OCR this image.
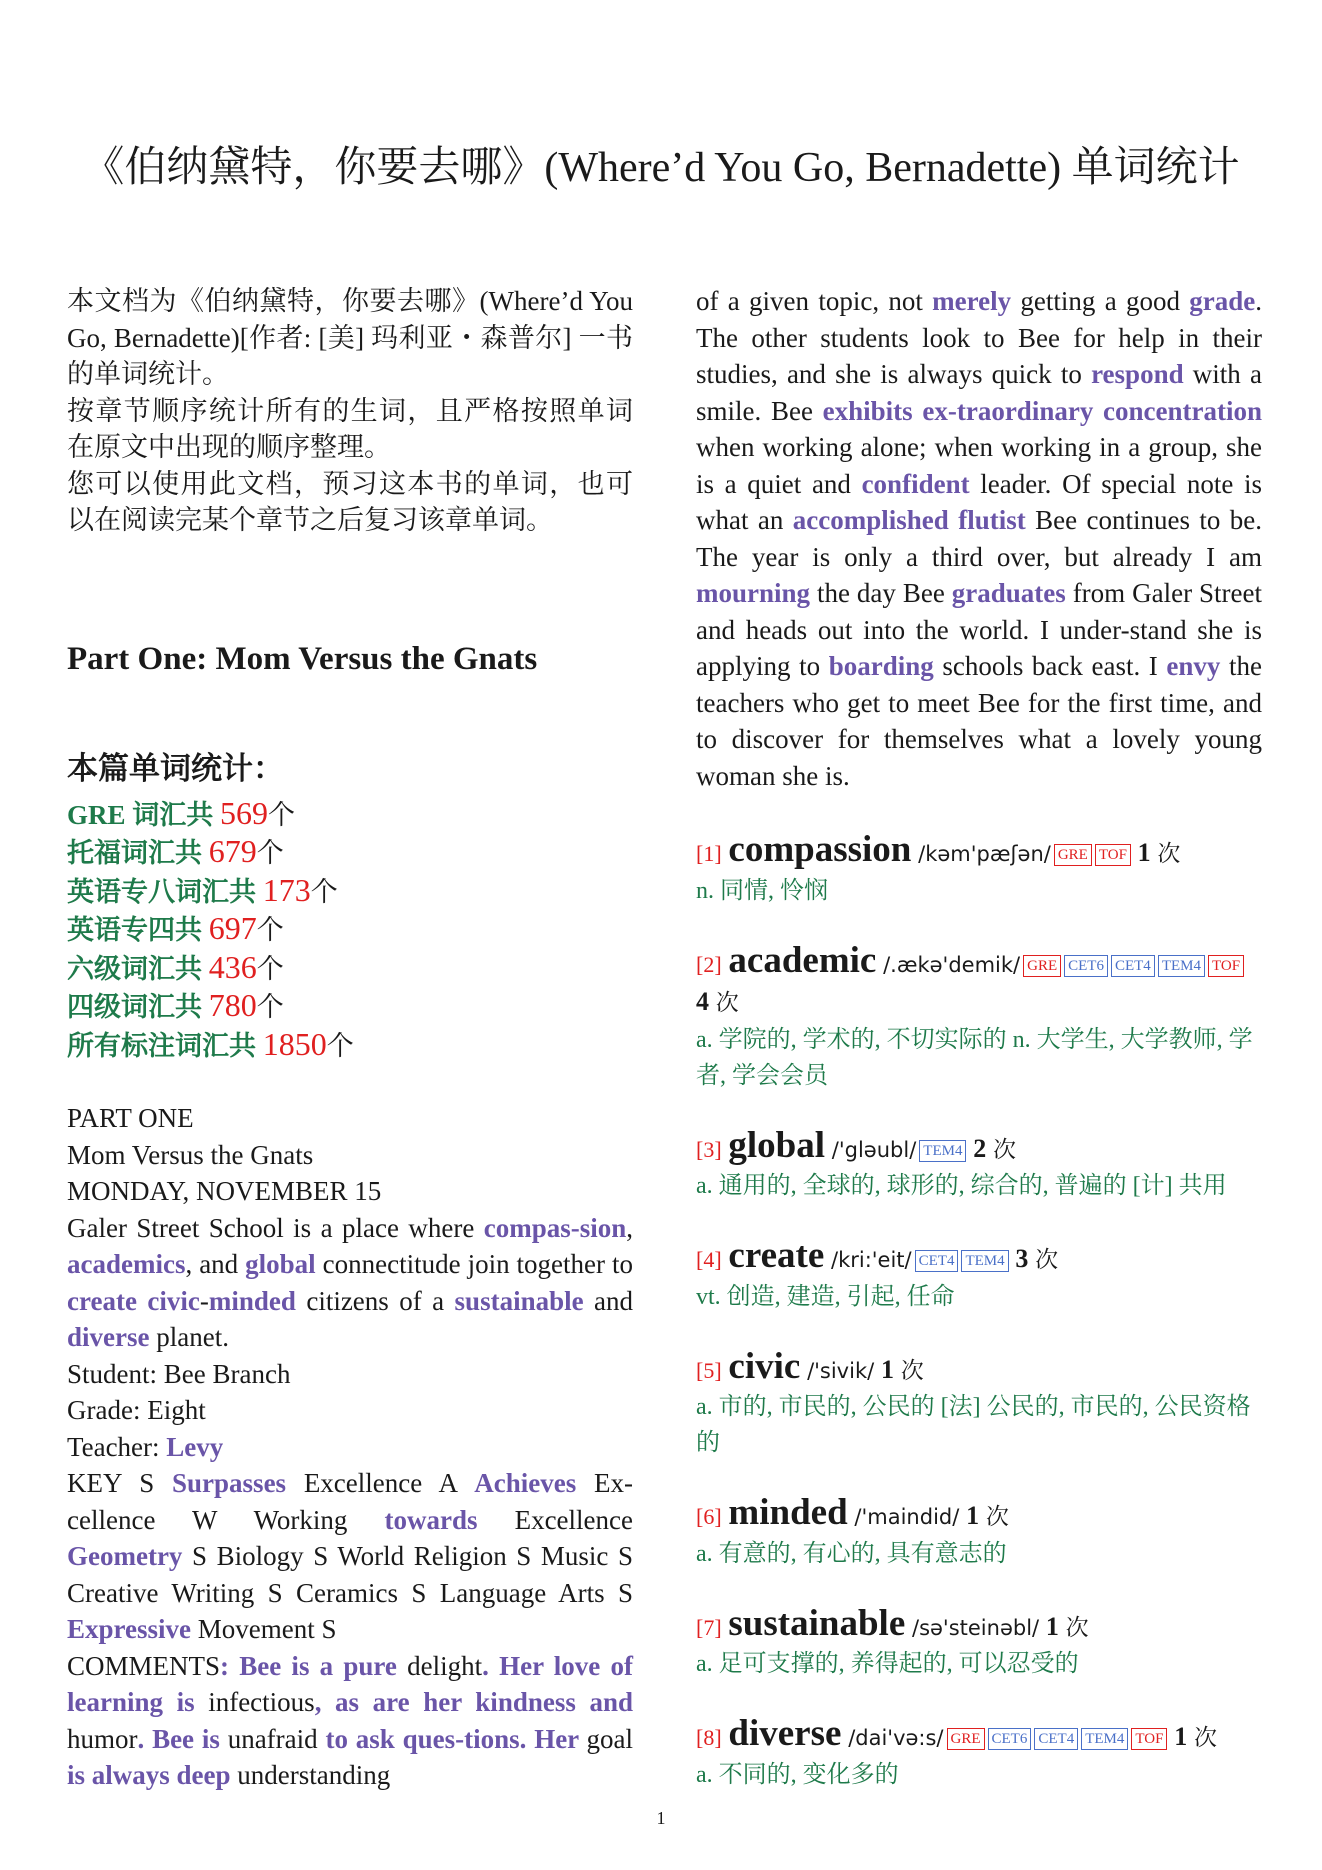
《伯纳黛特，你要去哪》(Where’d You Go, Bernadette) 单词统计

本文档为《伯纳黛特，你要去哪》(Where’d You Go, Bernadette)[作者: [美] 玛利亚・森普尔] 一书的单词统计。

按章节顺序统计所有的生词，且严格按照单词在原文中出现的顺序整理。

您可以使用此文档，预习这本书的单词，也可以在阅读完某个章节之后复习该章单词。

Part One: Mom Versus the Gnats
本篇单词统计：
GRE 词汇共 569个
托福词汇共 679个
英语专八词汇共 173个
英语专四共 697个
六级词汇共 436个
四级词汇共 780个
所有标注词汇共 1850个
PART ONE
Mom Versus the Gnats
MONDAY, NOVEMBER 15
Galer Street School is a place where compas-sion, academics, and global connectitude join together to create civic-minded citizens of a sustainable and diverse planet.
Student: Bee Branch
Grade: Eight
Teacher: Levy
KEY S Surpasses Excellence A Achieves Ex-cellence W Working towards Excellence Geometry S Biology S World Religion S Music S Creative Writing S Ceramics S Language Arts S Expressive Movement S
COMMENTS: Bee is a pure delight. Her love of learning is infectious, as are her kindness and humor. Bee is unafraid to ask ques-tions. Her goal is always deep understanding
of a given topic, not merely getting a good grade. The other students look to Bee for help in their studies, and she is always quick to respond with a smile. Bee exhibits ex-traordinary concentration when working alone; when working in a group, she is a quiet and confident leader. Of special note is what an accomplished flutist Bee continues to be. The year is only a third over, but already I am mourning the day Bee graduates from Galer Street and heads out into the world. I under-stand she is applying to boarding schools back east. I envy the teachers who get to meet Bee for the first time, and to discover for themselves what a lovely young woman she is.
[1] compassion /kəm'pæʃən/ GRE TOF 1 次
n. 同情, 怜悯
[2] academic /.ækə'demik/ GRE CET6 CET4 TEM4 TOF 4 次
a. 学院的, 学术的, 不切实际的 n. 大学生, 大学教师, 学者, 学会会员
[3] global /'gləubl/ TEM4 2 次
a. 通用的, 全球的, 球形的, 综合的, 普遍的 [计] 共用
[4] create /kri:'eit/ CET4 TEM4 3 次
vt. 创造, 建造, 引起, 任命
[5] civic /'sivik/ 1 次
a. 市的, 市民的, 公民的 [法] 公民的, 市民的, 公民资格的
[6] minded /'maindid/ 1 次
a. 有意的, 有心的, 具有意志的
[7] sustainable /sə'steinəbl/ 1 次
a. 足可支撑的, 养得起的, 可以忍受的
[8] diverse /dai'və:s/ GRE CET6 CET4 TEM4 TOF 1 次
a. 不同的, 变化多的
1
